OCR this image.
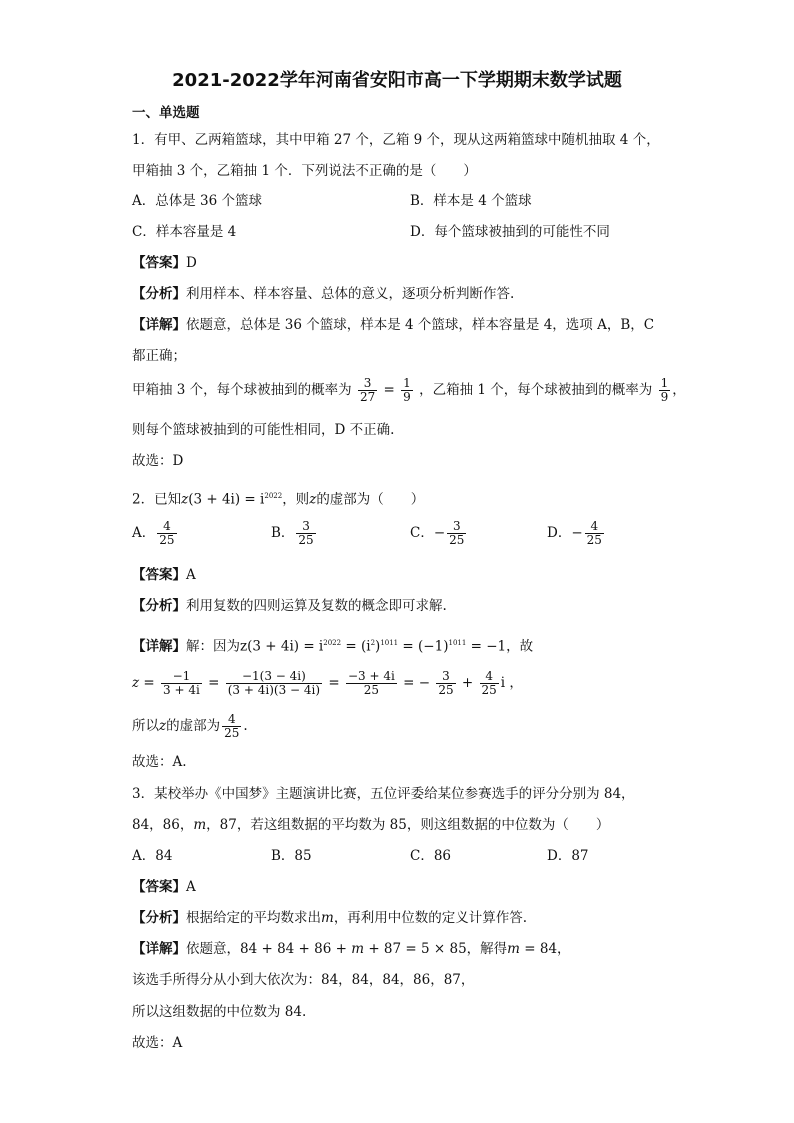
2021-2022学年河南省安阳市高一下学期期末数学试题
一、单选题
1．有甲、乙两箱篮球，其中甲箱 27 个，乙箱 9 个，现从这两箱篮球中随机抽取 4 个，
甲箱抽 3 个，乙箱抽 1 个．下列说法不正确的是（　　）
A．总体是 36 个篮球	B．样本是 4 个篮球
C．样本容量是 4	D．每个篮球被抽到的可能性不同
【答案】D
【分析】利用样本、样本容量、总体的意义，逐项分析判断作答.
【详解】依题意，总体是 36 个篮球，样本是 4 个篮球，样本容量是 4，选项 A，B，C
都正确；
甲箱抽 3 个，每个球被抽到的概率为 $\frac{3}{27} = \frac{1}{9}$ ，乙箱抽 1 个，每个球被抽到的概率为 $\frac{1}{9}$ ，
则每个篮球被抽到的可能性相同，D 不正确.
故选：D
2．已知$z(3 + 4i) = i^{2022}$，则z的虚部为（　　）
A． $\frac{4}{25}$	B． $\frac{3}{25}$	C．− $\frac{3}{25}$	D．− $\frac{4}{25}$
【答案】A
【分析】利用复数的四则运算及复数的概念即可求解.
【详解】解：因为$z(3 + 4i) = i^{2022} = (i^2)^{1011} = (-1)^{1011} = -1$，故
$z = \frac{-1}{3 + 4i} = \frac{-1(3 - 4i)}{(3 + 4i)(3 - 4i)} = \frac{-3 + 4i}{25}$ = − $\frac{3}{25} + \frac{4}{25}$ i ，
所以z的虚部为 $\frac{4}{25}$ .
故选：A.
3．某校举办《中国梦》主题演讲比赛，五位评委给某位参赛选手的评分分别为 84，
84，86，m，87，若这组数据的平均数为 85，则这组数据的中位数为（　　）
A．84	B．85	C．86	D．87
【答案】A
【分析】根据给定的平均数求出m，再利用中位数的定义计算作答.
【详解】依题意，84 + 84 + 86 + m + 87 = 5 × 85，解得m = 84，
该选手所得分从小到大依次为：84，84，84，86，87，
所以这组数据的中位数为 84.
故选：A
